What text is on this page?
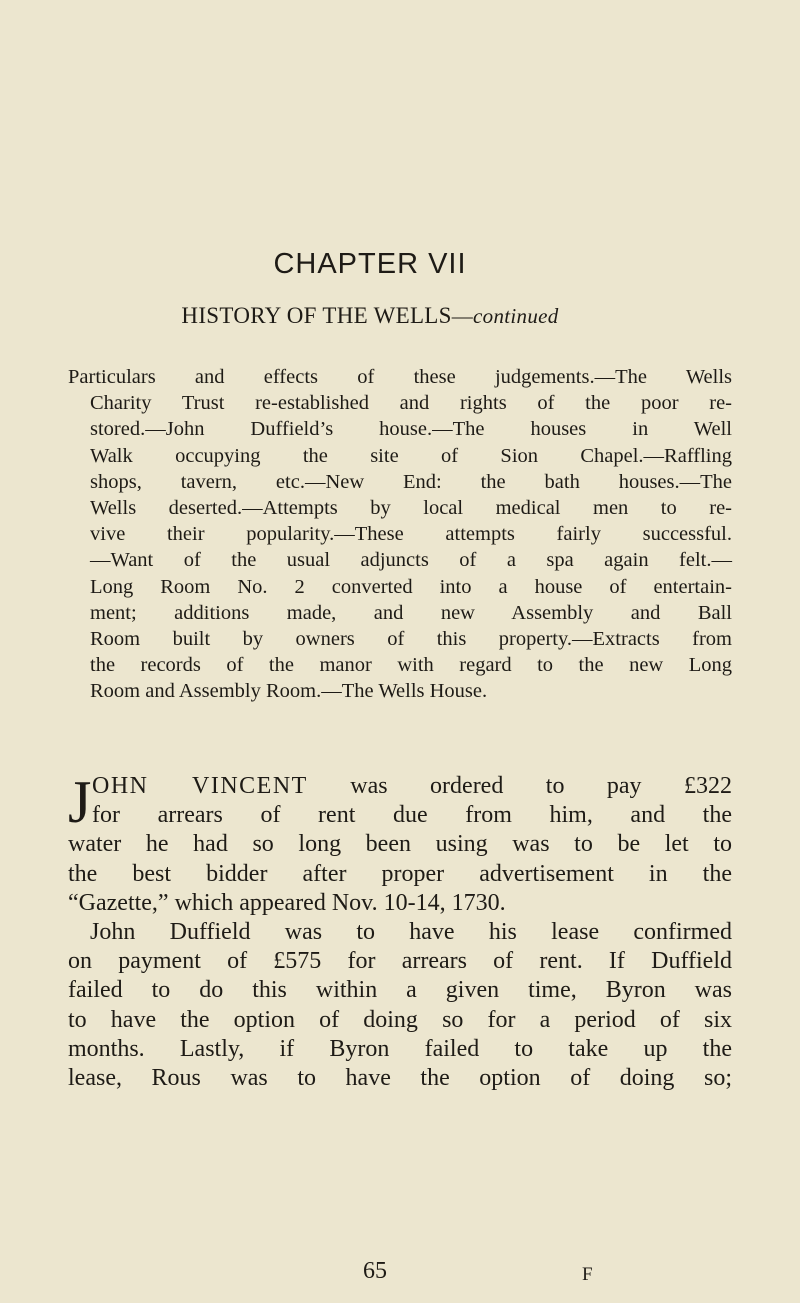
CHAPTER VII
HISTORY OF THE WELLS—continued
Particulars and effects of these judgements.—The Wells
Charity Trust re-established and rights of the poor re-
stored.—John Duffield’s house.—The houses in Well
Walk occupying the site of Sion Chapel.—Raffling
shops, tavern, etc.—New End: the bath houses.—The
Wells deserted.—Attempts by local medical men to re-
vive their popularity.—These attempts fairly successful.
—Want of the usual adjuncts of a spa again felt.—
Long Room No. 2 converted into a house of entertain-
ment; additions made, and new Assembly and Ball
Room built by owners of this property.—Extracts from
the records of the manor with regard to the new Long
Room and Assembly Room.—The Wells House.
J OHN VINCENT was ordered to pay £322
for arrears of rent due from him, and the
water he had so long been using was to be let to
the best bidder after proper advertisement in the
“Gazette,” which appeared Nov. 10-14, 1730.
John Duffield was to have his lease confirmed
on payment of £575 for arrears of rent. If Duffield
failed to do this within a given time, Byron was
to have the option of doing so for a period of six
months. Lastly, if Byron failed to take up the
lease, Rous was to have the option of doing so;
65	F
